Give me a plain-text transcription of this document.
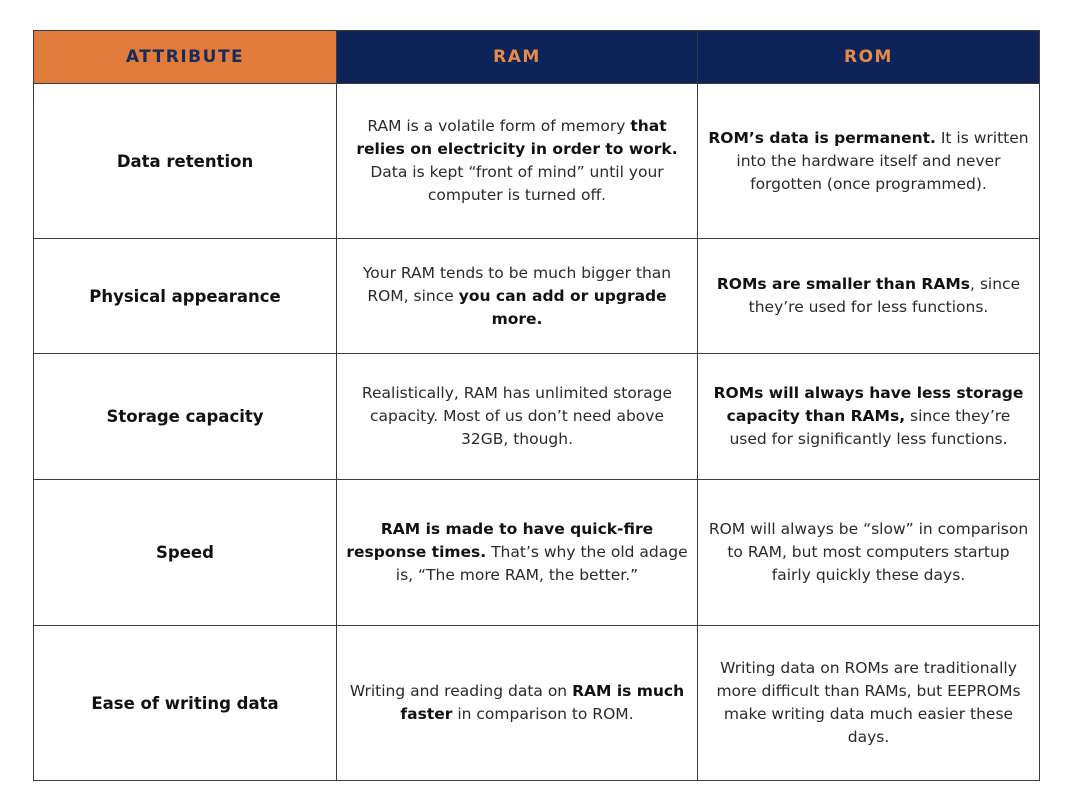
ATTRIBUTE	RAM	ROM
Data retention	RAM is a volatile form of memory that relies on electricity in order to work. Data is kept “front of mind” until your computer is turned off.	ROM’s data is permanent. It is written into the hardware itself and never forgotten (once programmed).
Physical appearance	Your RAM tends to be much bigger than ROM, since you can add or upgrade more.	ROMs are smaller than RAMs, since they’re used for less functions.
Storage capacity	Realistically, RAM has unlimited storage capacity. Most of us don’t need above 32GB, though.	ROMs will always have less storage capacity than RAMs, since they’re used for significantly less functions.
Speed	RAM is made to have quick-fire response times. That’s why the old adage is, “The more RAM, the better.”	ROM will always be “slow” in comparison to RAM, but most computers startup fairly quickly these days.
Ease of writing data	Writing and reading data on RAM is much faster in comparison to ROM.	Writing data on ROMs are traditionally more difficult than RAMs, but EEPROMs make writing data much easier these days.
